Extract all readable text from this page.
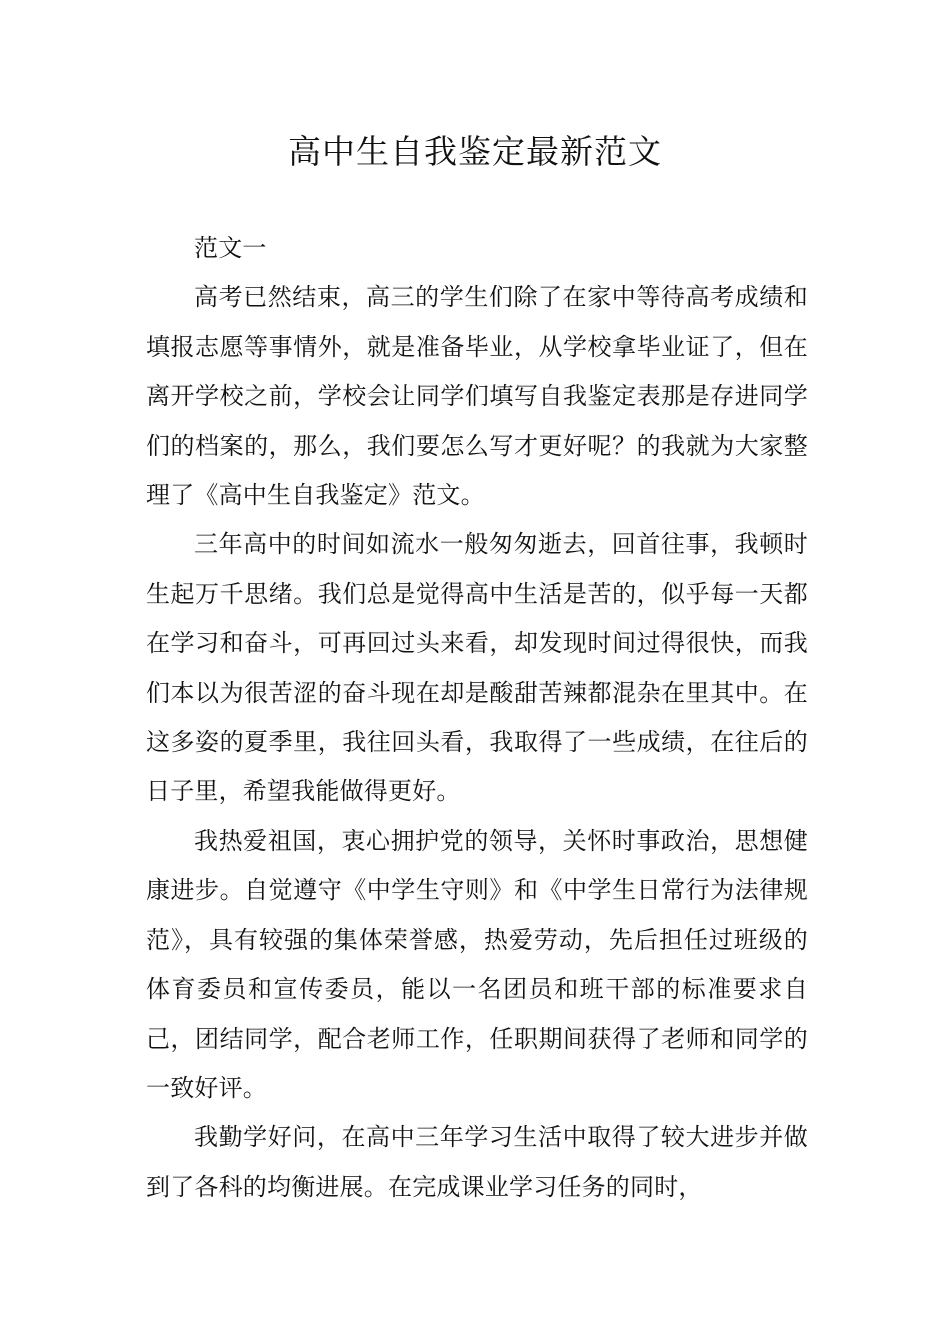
高中生自我鉴定最新范文

范文一

高考已然结束，高三的学生们除了在家中等待高考成绩和填报志愿等事情外，就是准备毕业，从学校拿毕业证了，但在离开学校之前，学校会让同学们填写自我鉴定表那是存进同学们的档案的，那么，我们要怎么写才更好呢？的我就为大家整理了《高中生自我鉴定》范文。

三年高中的时间如流水一般匆匆逝去，回首往事，我顿时生起万千思绪。我们总是觉得高中生活是苦的，似乎每一天都在学习和奋斗，可再回过头来看，却发现时间过得很快，而我们本以为很苦涩的奋斗现在却是酸甜苦辣都混杂在里其中。在这多姿的夏季里，我往回头看，我取得了一些成绩，在往后的日子里，希望我能做得更好。

我热爱祖国，衷心拥护党的领导，关怀时事政治，思想健康进步。自觉遵守《中学生守则》和《中学生日常行为法律规范》，具有较强的集体荣誉感，热爱劳动，先后担任过班级的体育委员和宣传委员，能以一名团员和班干部的标准要求自己，团结同学，配合老师工作，任职期间获得了老师和同学的一致好评。

我勤学好问，在高中三年学习生活中取得了较大进步并做到了各科的均衡进展。在完成课业学习任务的同时，
